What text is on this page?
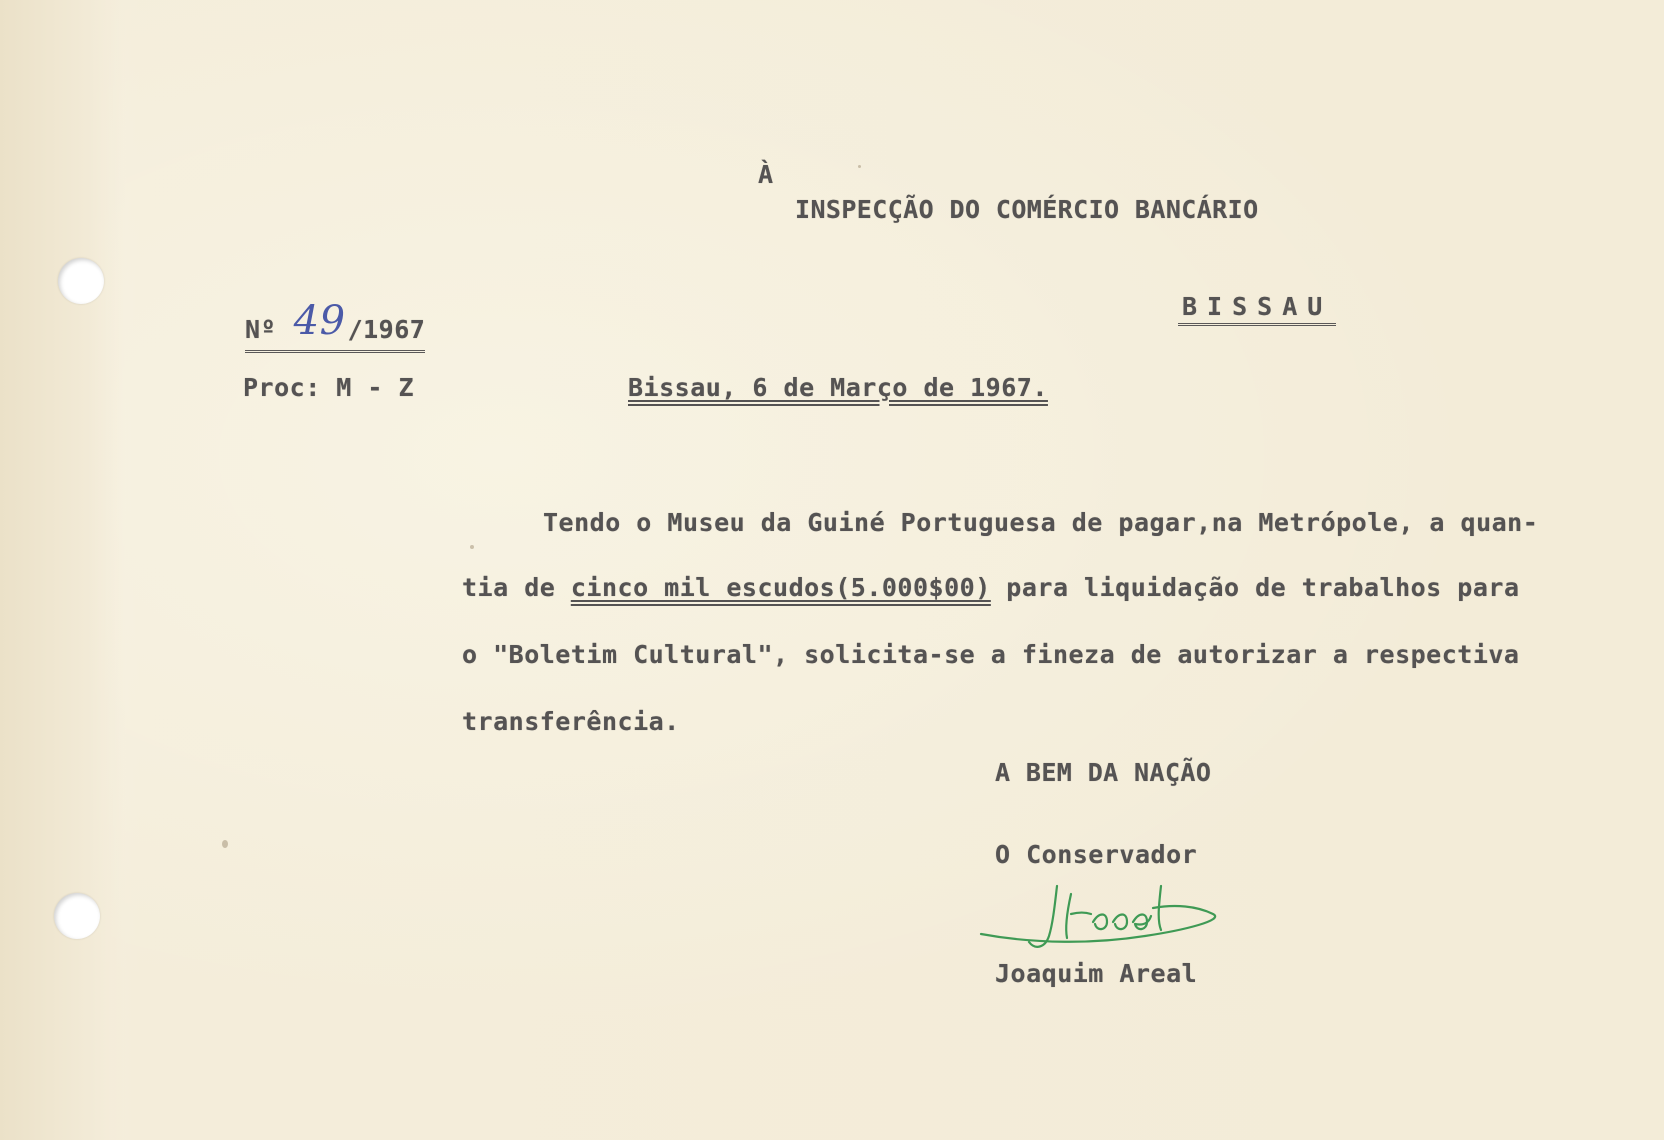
À
INSPECÇÃO DO COMÉRCIO BANCÁRIO
BISSAU
Nº 49/1967
Proc: M - Z	Bissau, 6 de Março de 1967.
Tendo o Museu da Guiné Portuguesa de pagar,na Metrópole, a quan-
tia de cinco mil escudos(5.000$00) para liquidação de trabalhos para
o "Boletim Cultural", solicita-se a fineza de autorizar a respectiva
transferência.
A BEM DA NAÇÃO
O Conservador
Joaquim Areal
